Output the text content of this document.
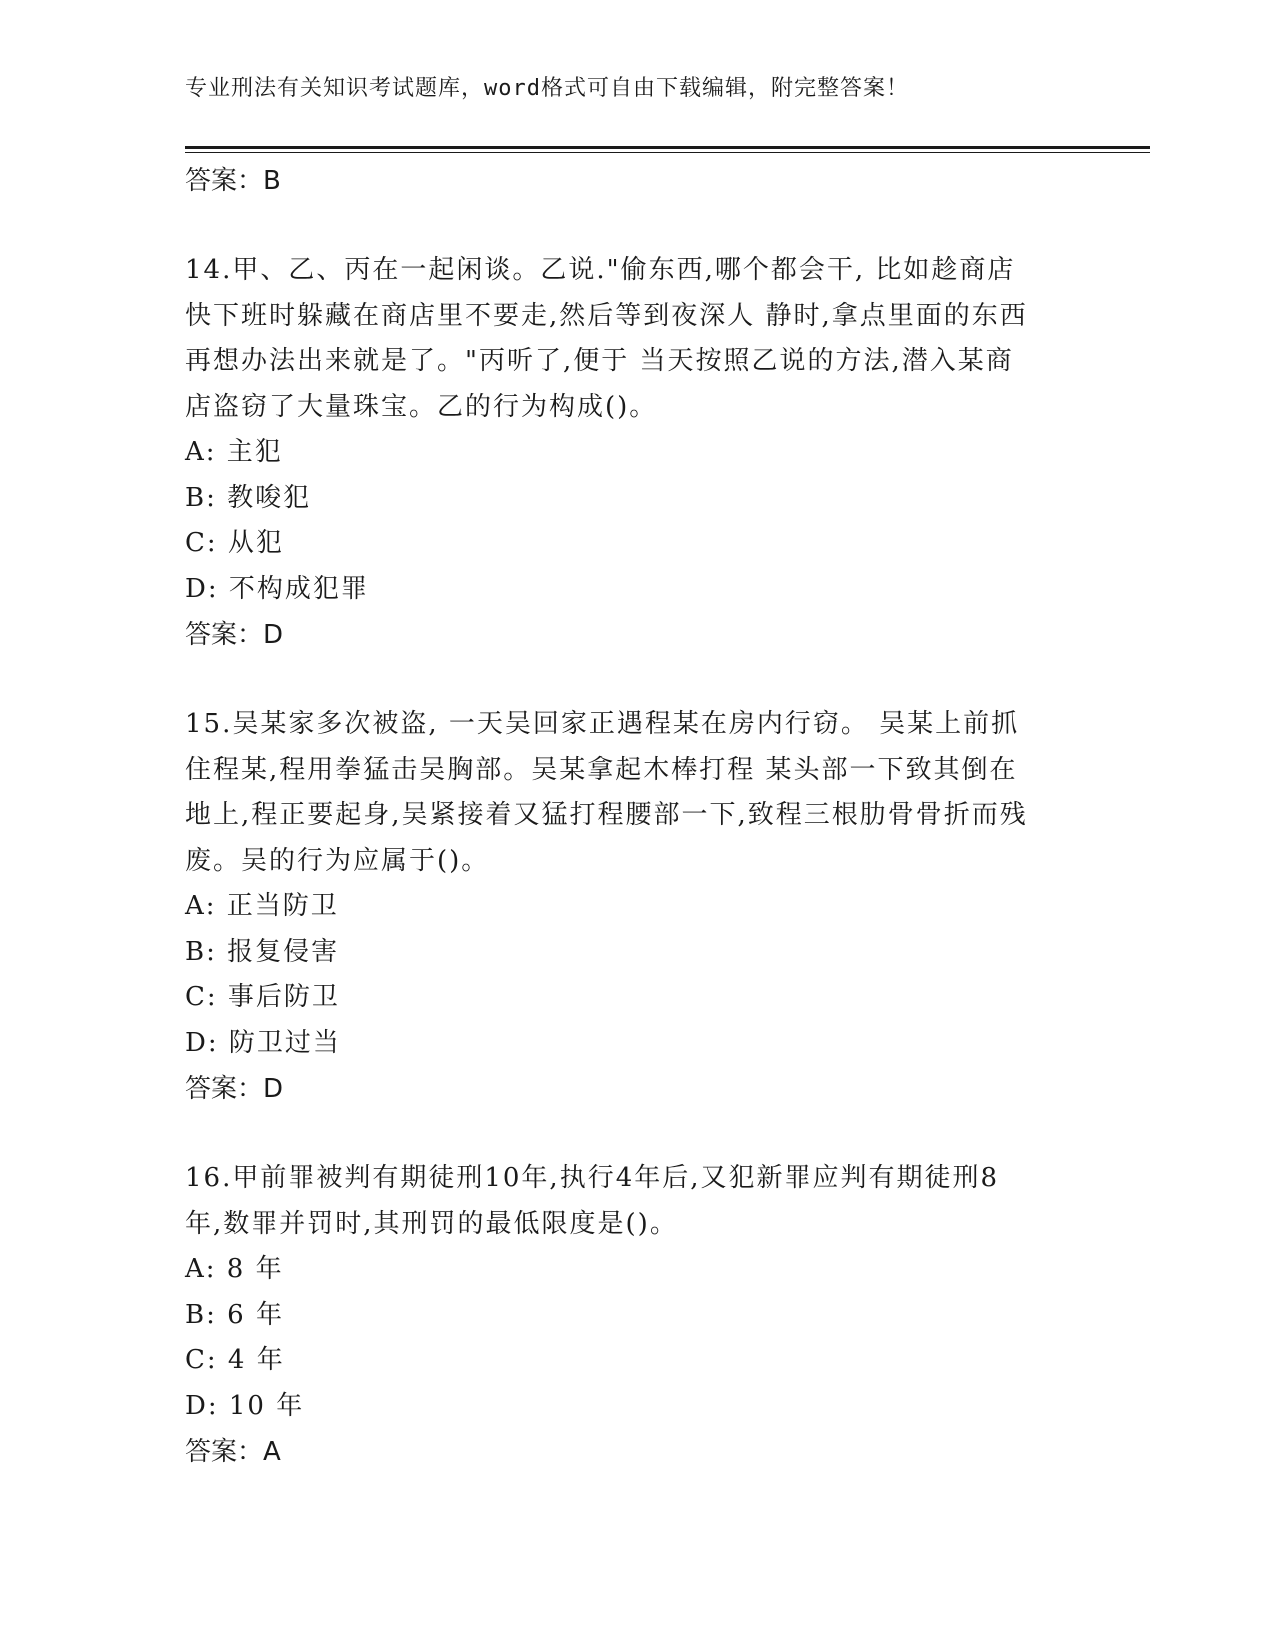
专业刑法有关知识考试题库，word格式可自由下载编辑，附完整答案！
答案：B

14.甲、乙、丙在一起闲谈。乙说."偷东西,哪个都会干, 比如趁商店
快下班时躲藏在商店里不要走,然后等到夜深人 静时,拿点里面的东西
再想办法出来就是了。"丙听了,便于 当天按照乙说的方法,潜入某商
店盗窃了大量珠宝。乙的行为构成()。

A: 主犯
B: 教唆犯
C: 从犯
D: 不构成犯罪
答案：D

15.吴某家多次被盗, 一天吴回家正遇程某在房内行窃。 吴某上前抓
住程某,程用拳猛击吴胸部。吴某拿起木棒打程 某头部一下致其倒在
地上,程正要起身,吴紧接着又猛打程腰部一下,致程三根肋骨骨折而残
废。吴的行为应属于()。

A: 正当防卫
B: 报复侵害
C: 事后防卫
D: 防卫过当
答案：D

16.甲前罪被判有期徒刑10年,执行4年后,又犯新罪应判有期徒刑8
年,数罪并罚时,其刑罚的最低限度是()。

A: 8 年
B: 6 年
C: 4 年
D: 10 年
答案：A
